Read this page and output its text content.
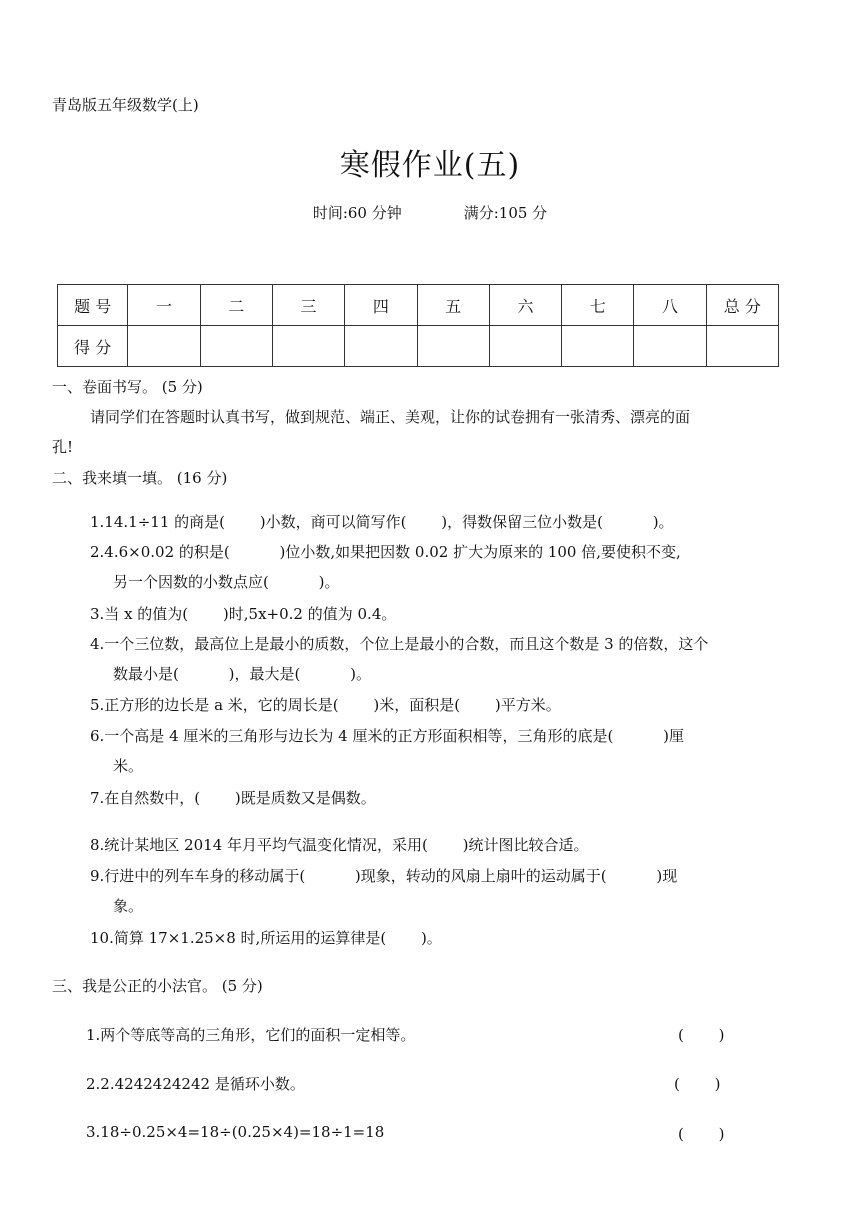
青岛版五年级数学(上)
寒假作业(五)
时间:60 分钟	满分:105 分
题 号	一	二	三	四	五	六	七	八	总 分
得 分									
一、卷面书写。 (5 分)
请同学们在答题时认真书写，做到规范、端正、美观，让你的试卷拥有一张清秀、漂亮的面
孔!
二、我来填一填。 (16 分)
1.14.1÷11 的商是(　　 )小数，商可以简写作(　　 )，得数保留三位小数是(　　　 )。
2.4.6×0.02 的积是(　　　 )位小数,如果把因数 0.02 扩大为原来的 100 倍,要使积不变,
另一个因数的小数点应(　　　 )。
3.当 x 的值为(　　 )时,5x+0.2 的值为 0.4。
4.一个三位数，最高位上是最小的质数，个位上是最小的合数，而且这个数是 3 的倍数，这个
数最小是(　　　 )，最大是(　　　 )。
5.正方形的边长是 a 米，它的周长是(　　 )米，面积是(　　 )平方米。
6.一个高是 4 厘米的三角形与边长为 4 厘米的正方形面积相等，三角形的底是(　　　 )厘
米。
7.在自然数中，(　　 )既是质数又是偶数。
8.统计某地区 2014 年月平均气温变化情况，采用(　　 )统计图比较合适。
9.行进中的列车车身的移动属于(　　　 )现象，转动的风扇上扇叶的运动属于(　　　 )现
象。
10.简算 17×1.25×8 时,所运用的运算律是(　　 )。
三、我是公正的小法官。 (5 分)
1.两个等底等高的三角形，它们的面积一定相等。	(　　 )
2.2.4242424242 是循环小数。	(　　 )
3.18÷0.25×4=18÷(0.25×4)=18÷1=18	(　　 )
